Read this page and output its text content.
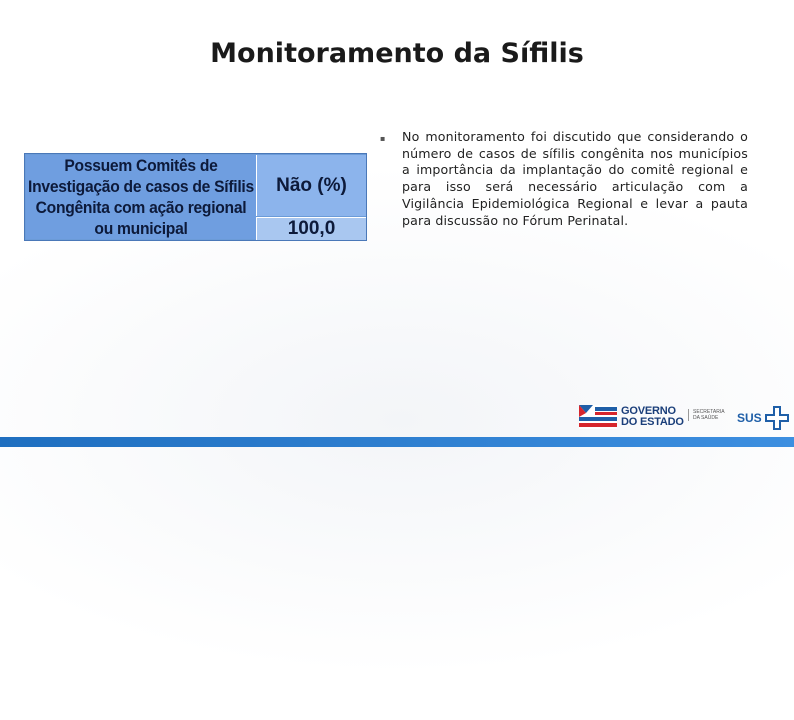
Monitoramento da Sífilis
Possuem Comitês de Investigação de casos de Sífilis Congênita com ação regional ou municipal
Não (%)
100,0
▪ No monitoramento foi discutido que considerando o número de casos de sífilis congênita nos municípios a importância da implantação do comitê regional e para isso será necessário articulação com a Vigilância Epidemiológica Regional e levar a pauta para discussão no Fórum Perinatal.
GOVERNO
DO ESTADO
SECRETARIA
DA SAÚDE	SUS
